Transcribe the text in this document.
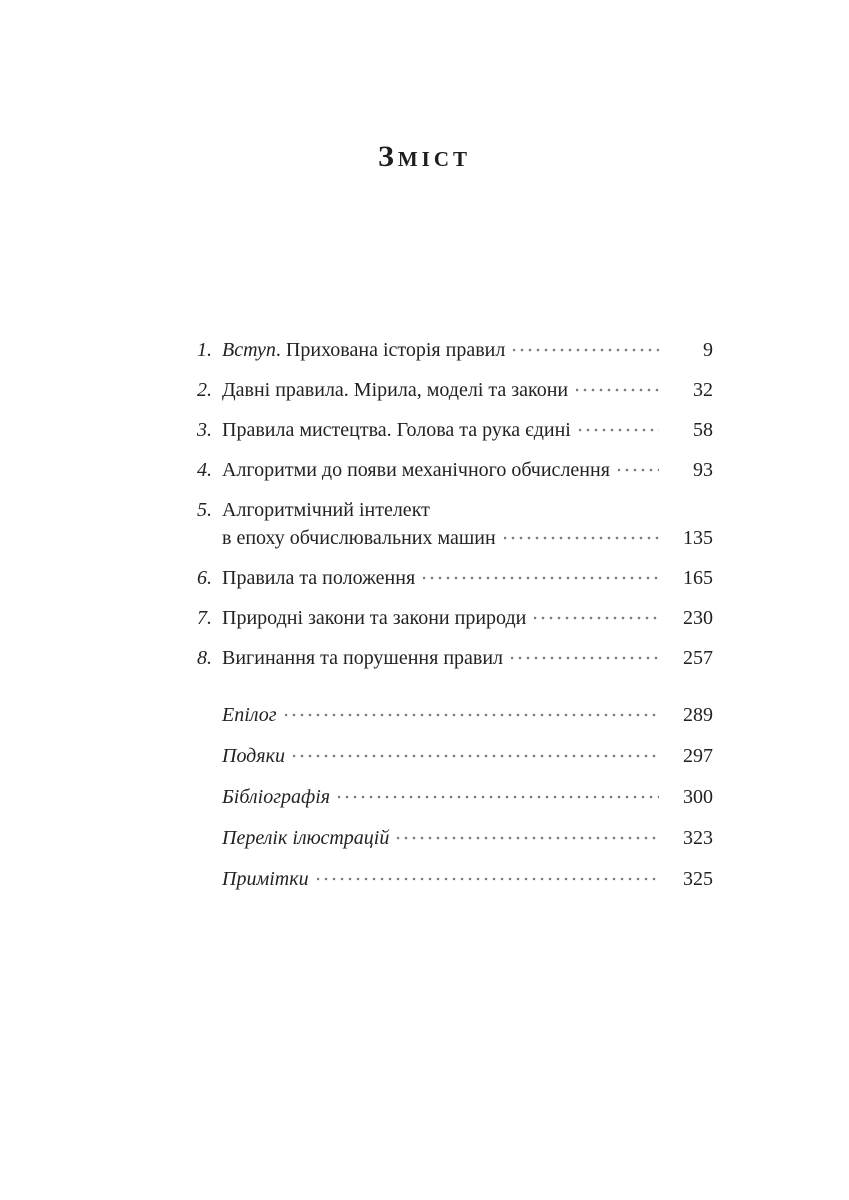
ЗМІСТ
1. Вступ . Прихована історія правил	9
2. Давні правила. Мірила, моделі та закони	32
3. Правила мистецтва. Голова та рука єдині	58
4. Алгоритми до появи механічного обчислення	93
5. Алгоритмічний інтелект
в епоху обчислювальних машин	135
6. Правила та положення	165
7. Природні закони та закони природи	230
8. Вигинання та порушення правил	257
Епілог	289
Подяки	297
Бібліографія	300
Перелік ілюстрацій	323
Примітки	325
